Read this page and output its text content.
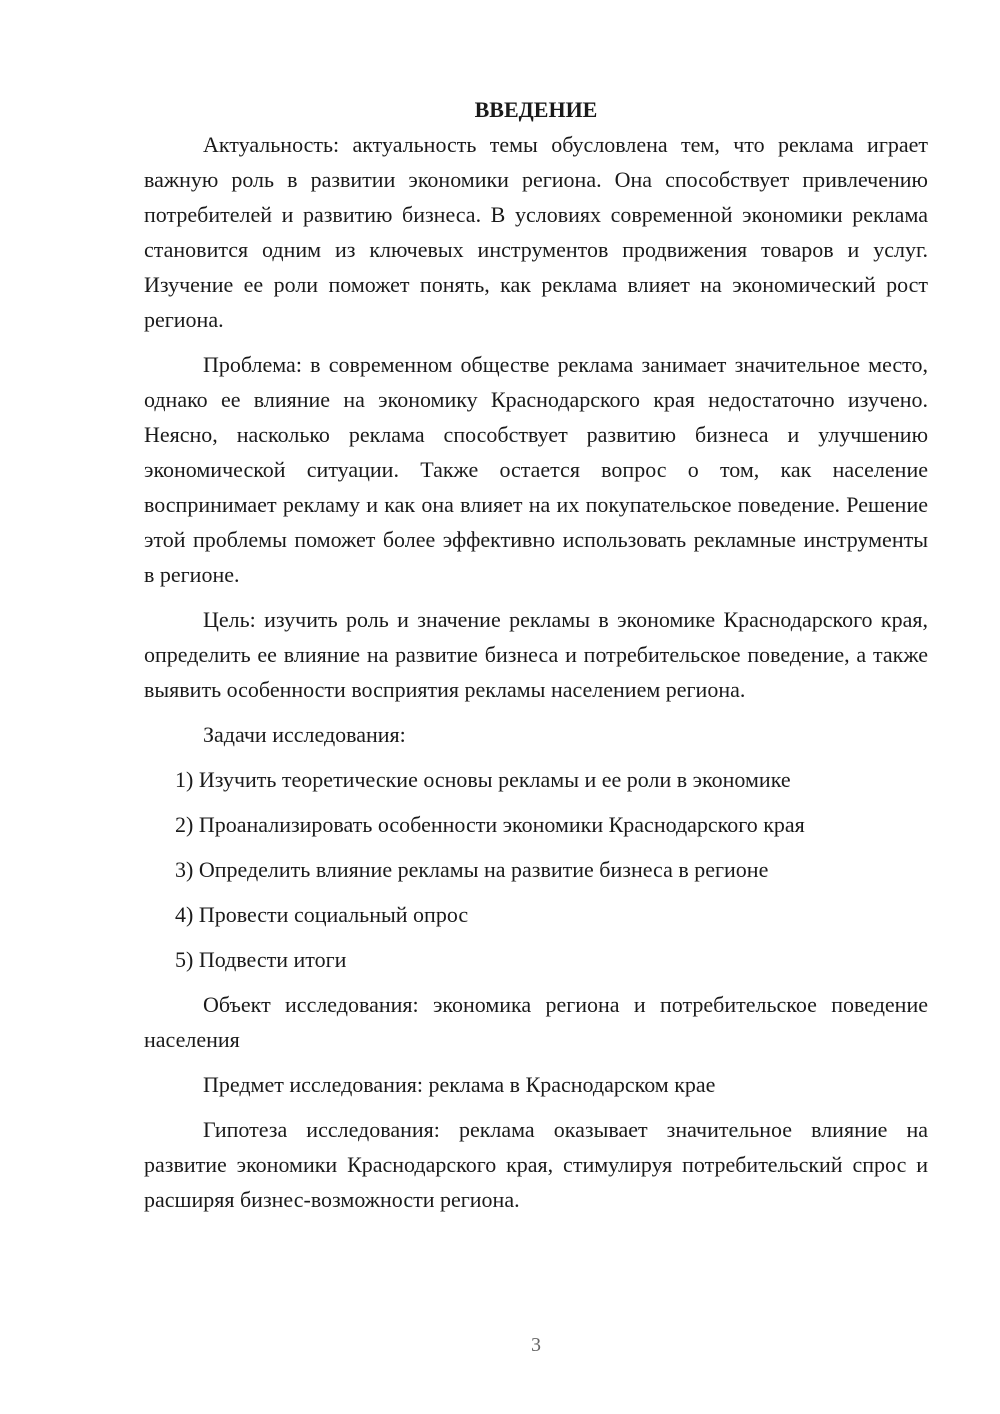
ВВЕДЕНИЕ

Актуальность: актуальность темы обусловлена тем, что реклама играет важную роль в развитии экономики региона. Она способствует привлечению потребителей и развитию бизнеса. В условиях современной экономики реклама становится одним из ключевых инструментов продвижения товаров и услуг. Изучение ее роли поможет понять, как реклама влияет на экономический рост региона.

Проблема: в современном обществе реклама занимает значительное место, однако ее влияние на экономику Краснодарского края недостаточно изучено. Неясно, насколько реклама способствует развитию бизнеса и улучшению экономической ситуации. Также остается вопрос о том, как население воспринимает рекламу и как она влияет на их покупательское поведение. Решение этой проблемы поможет более эффективно использовать рекламные инструменты в регионе.

Цель: изучить роль и значение рекламы в экономике Краснодарского края, определить ее влияние на развитие бизнеса и потребительское поведение, а также выявить особенности восприятия рекламы населением региона.

Задачи исследования:

1) Изучить теоретические основы рекламы и ее роли в экономике
2) Проанализировать особенности экономики Краснодарского края
3) Определить влияние рекламы на развитие бизнеса в регионе
4) Провести социальный опрос
5) Подвести итоги

Объект исследования: экономика региона и потребительское поведение населения

Предмет исследования: реклама в Краснодарском крае

Гипотеза исследования: реклама оказывает значительное влияние на развитие экономики Краснодарского края, стимулируя потребительский спрос и расширяя бизнес-возможности региона.

3
